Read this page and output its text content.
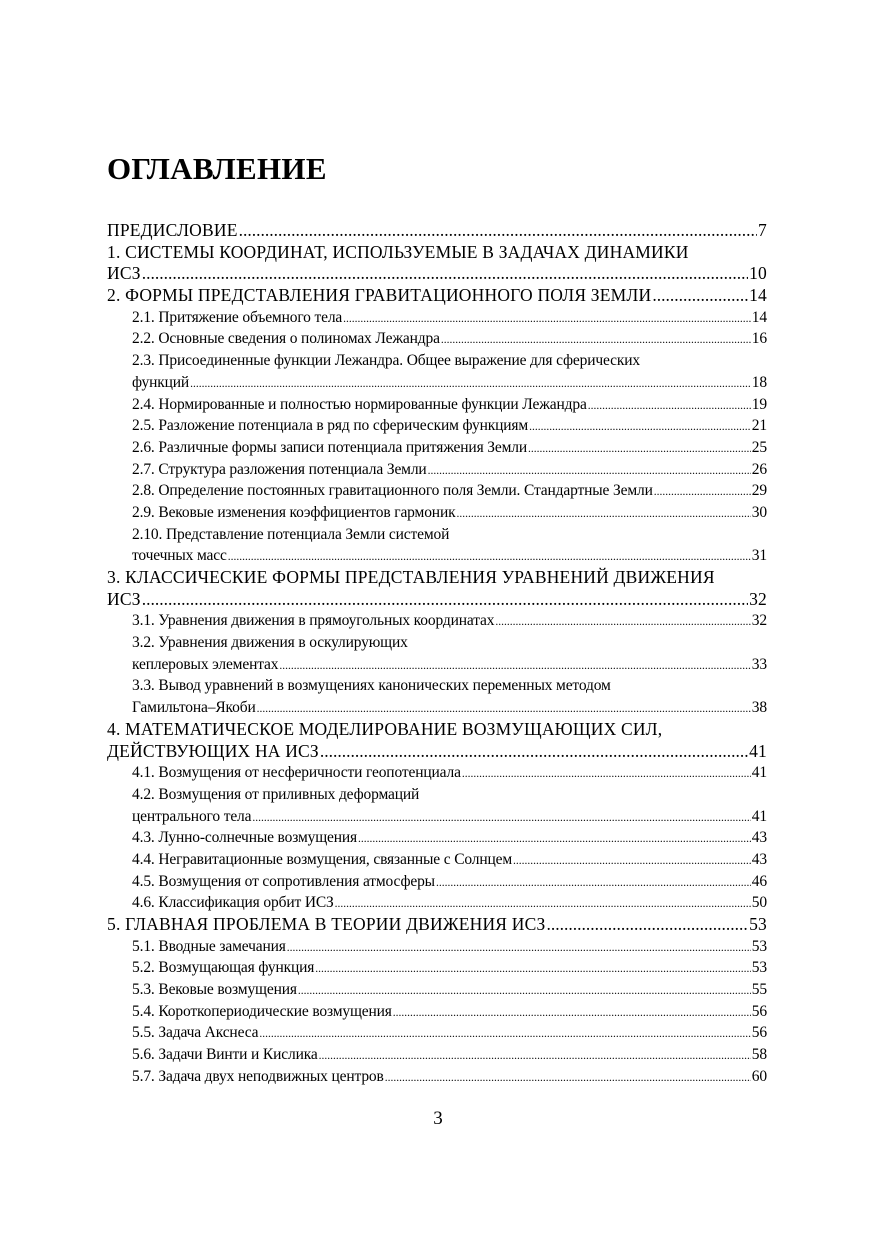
ОГЛАВЛЕНИЕ
ПРЕДИСЛОВИЕ .....	7
1. СИСТЕМЫ КООРДИНАТ, ИСПОЛЬЗУЕМЫЕ В ЗАДАЧАХ ДИНАМИКИ
ИСЗ .....	10
2. ФОРМЫ ПРЕДСТАВЛЕНИЯ ГРАВИТАЦИОННОГО ПОЛЯ ЗЕМЛИ .....	14
2.1. Притяжение объемного тела .....	14
2.2. Основные сведения о полиномах Лежандра .....	16
2.3. Присоединенные функции Лежандра. Общее выражение для сферических
функций .....	18
2.4. Нормированные и полностью нормированные функции Лежандра .....	19
2.5. Разложение потенциала в ряд по сферическим функциям .....	21
2.6. Различные формы записи потенциала притяжения Земли .....	25
2.7. Структура разложения потенциала Земли .....	26
2.8. Определение постоянных гравитационного поля Земли. Стандартные Земли .....	29
2.9. Вековые изменения коэффициентов гармоник .....	30
2.10. Представление потенциала Земли системой
точечных масс .....	31
3. КЛАССИЧЕСКИЕ ФОРМЫ ПРЕДСТАВЛЕНИЯ УРАВНЕНИЙ ДВИЖЕНИЯ
ИСЗ .....	32
3.1. Уравнения движения в прямоугольных координатах .....	32
3.2. Уравнения движения в оскулирующих
кеплеровых элементах .....	33
3.3. Вывод уравнений в возмущениях канонических переменных методом
Гамильтона–Якоби .....	38
4. МАТЕМАТИЧЕСКОЕ МОДЕЛИРОВАНИЕ ВОЗМУЩАЮЩИХ СИЛ,
ДЕЙСТВУЮЩИХ НА ИСЗ .....	41
4.1. Возмущения от несферичности геопотенциала .....	41
4.2. Возмущения от приливных деформаций
центрального тела .....	41
4.3. Лунно-солнечные возмущения .....	43
4.4. Негравитационные возмущения, связанные с Солнцем .....	43
4.5. Возмущения от сопротивления атмосферы .....	46
4.6. Классификация орбит ИСЗ .....	50
5. ГЛАВНАЯ ПРОБЛЕМА В ТЕОРИИ ДВИЖЕНИЯ ИСЗ .....	53
5.1. Вводные замечания .....	53
5.2. Возмущающая функция .....	53
5.3. Вековые возмущения .....	55
5.4. Короткопериодические возмущения .....	56
5.5. Задача Акснеса .....	56
5.6. Задачи Винти и Кислика .....	58
5.7. Задача двух неподвижных центров .....	60
3
